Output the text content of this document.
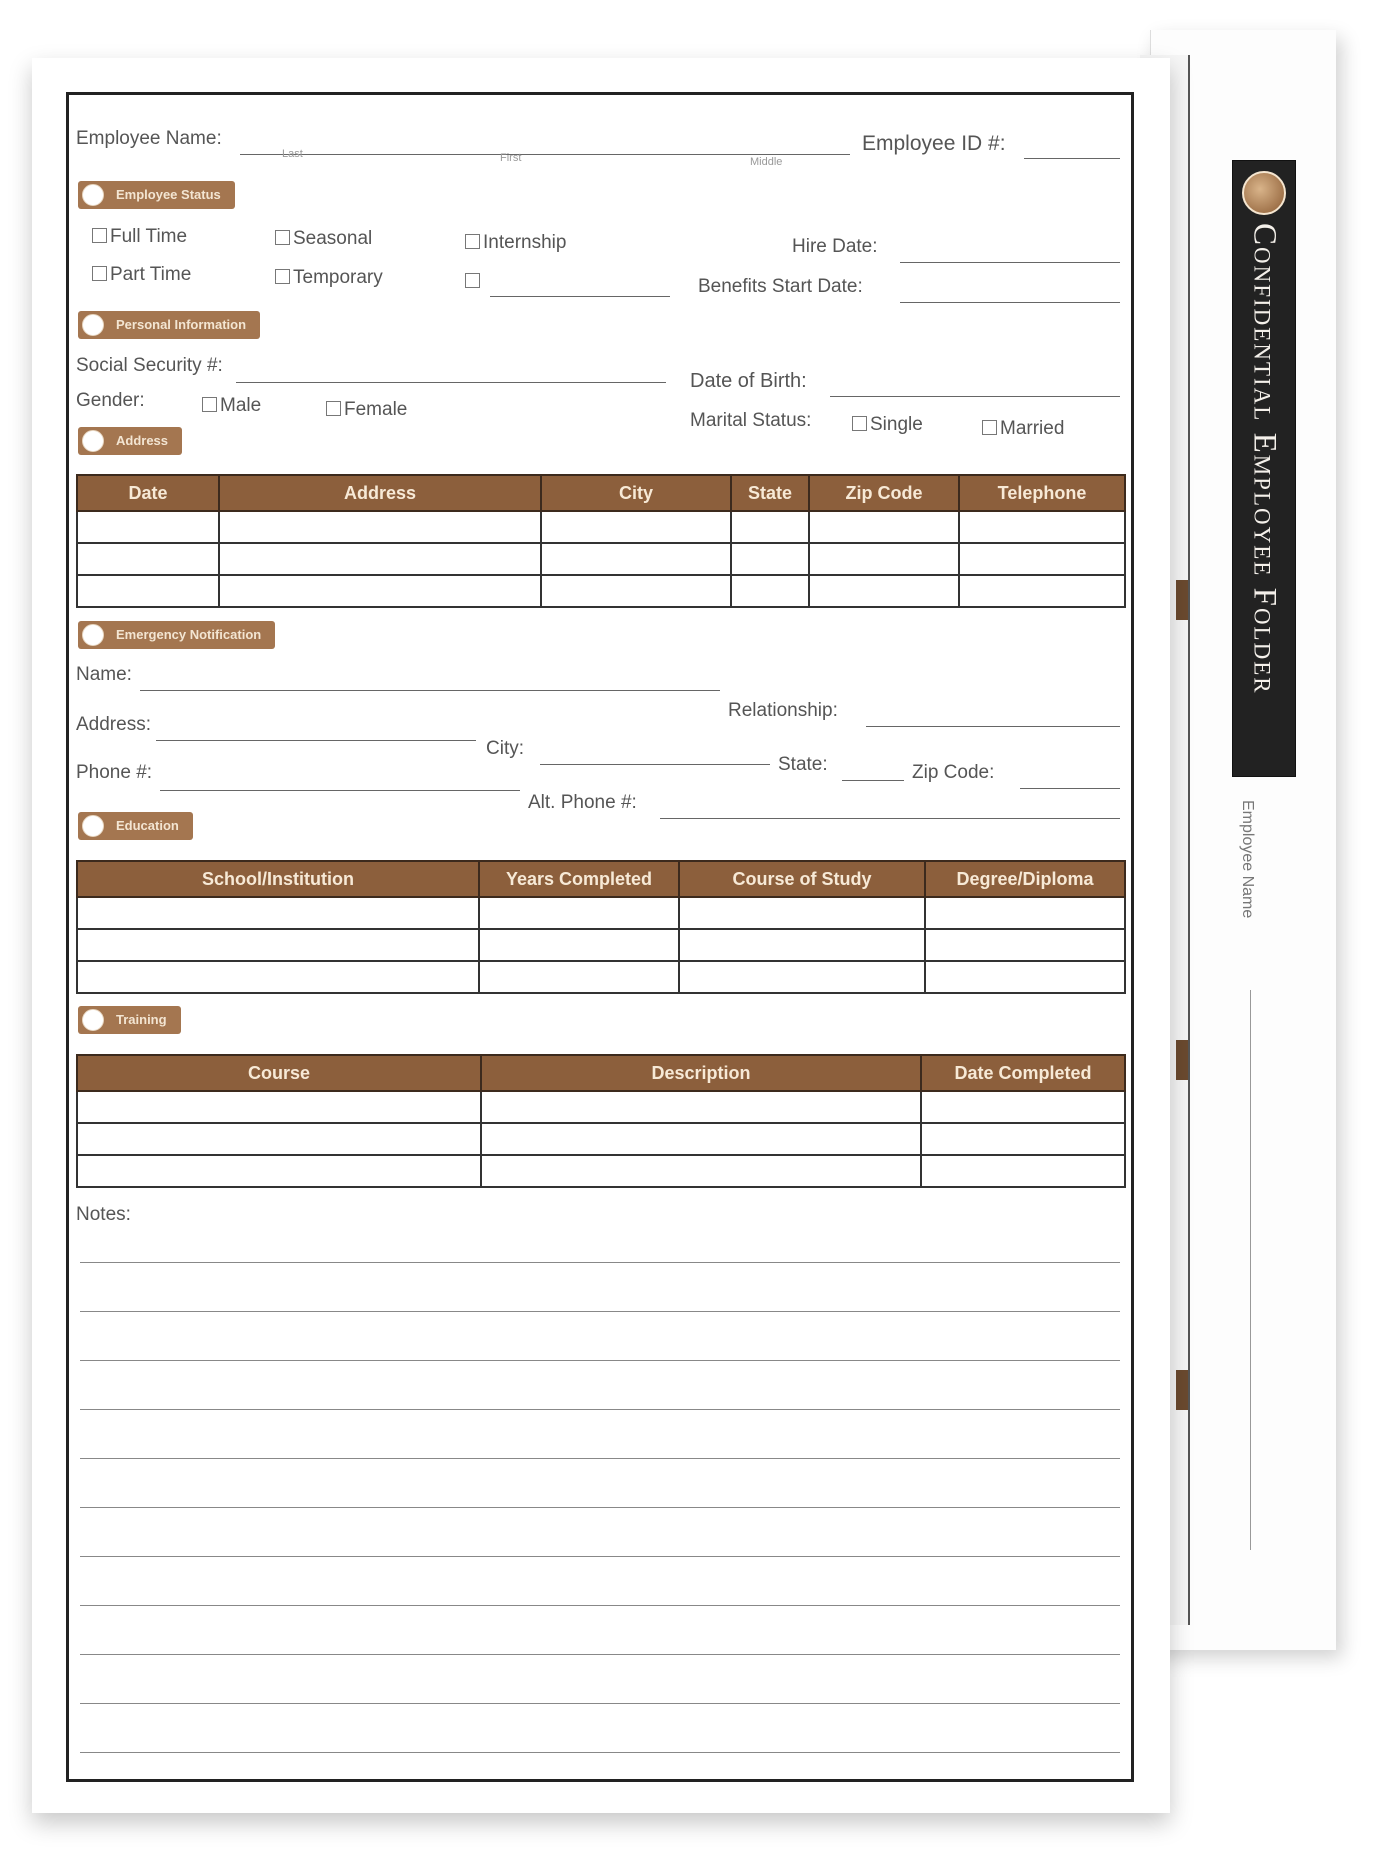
Confidential Employee Folder
Employee Name
Employee Name:
Last	First	Middle
Employee ID #:
Employee Status
Full Time
Part Time
Seasonal
Temporary
Internship	Hire Date:
Benefits Start Date:
Personal Information
Social Security #:
Date of Birth:
Gender:	Male	Female
Marital Status:	Single	Married
Address
Date	Address	City	State	Zip Code	Telephone

Emergency Notification
Name:
Relationship:
Address:
City:
State:	Zip Code:
Phone #:
Alt. Phone #:
Education
School/Institution	Years Completed	Course of Study	Degree/Diploma

Training
Course	Description	Date Completed

Notes:
